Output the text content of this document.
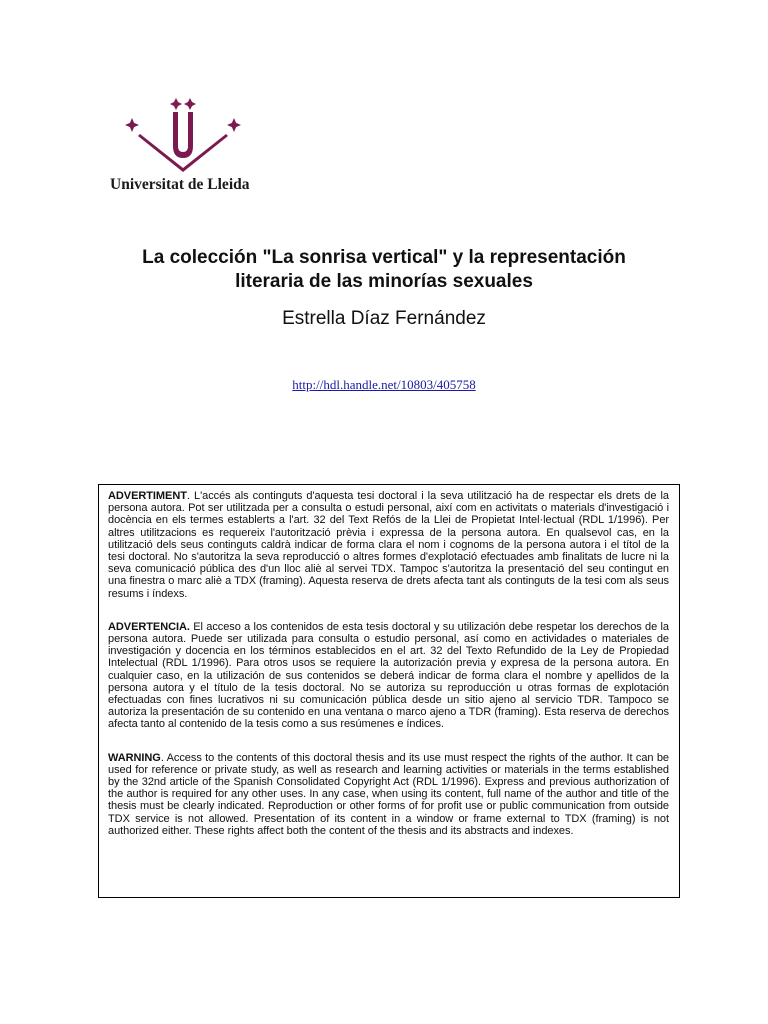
Universitat de Lleida
La colección "La sonrisa vertical" y la representación
literaria de las minorías sexuales
Estrella Díaz Fernández
http://hdl.handle.net/10803/405758

ADVERTIMENT. L'accés als continguts d'aquesta tesi doctoral i la seva utilització ha de respectar els drets de la persona autora. Pot ser utilitzada per a consulta o estudi personal, així com en activitats o materials d'investigació i docència en els termes establerts a l'art. 32 del Text Refós de la Llei de Propietat Intel·lectual (RDL 1/1996). Per altres utilitzacions es requereix l'autorització prèvia i expressa de la persona autora. En qualsevol cas, en la utilització dels seus continguts caldrà indicar de forma clara el nom i cognoms de la persona autora i el títol de la tesi doctoral. No s'autoritza la seva reproducció o altres formes d'explotació efectuades amb finalitats de lucre ni la seva comunicació pública des d'un lloc aliè al servei TDX. Tampoc s'autoritza la presentació del seu contingut en una finestra o marc aliè a TDX (framing). Aquesta reserva de drets afecta tant als continguts de la tesi com als seus resums i índexs.

ADVERTENCIA. El acceso a los contenidos de esta tesis doctoral y su utilización debe respetar los derechos de la persona autora. Puede ser utilizada para consulta o estudio personal, así como en actividades o materiales de investigación y docencia en los términos establecidos en el art. 32 del Texto Refundido de la Ley de Propiedad Intelectual (RDL 1/1996). Para otros usos se requiere la autorización previa y expresa de la persona autora. En cualquier caso, en la utilización de sus contenidos se deberá indicar de forma clara el nombre y apellidos de la persona autora y el título de la tesis doctoral. No se autoriza su reproducción u otras formas de explotación efectuadas con fines lucrativos ni su comunicación pública desde un sitio ajeno al servicio TDR. Tampoco se autoriza la presentación de su contenido en una ventana o marco ajeno a TDR (framing). Esta reserva de derechos afecta tanto al contenido de la tesis como a sus resúmenes e índices.

WARNING. Access to the contents of this doctoral thesis and its use must respect the rights of the author. It can be used for reference or private study, as well as research and learning activities or materials in the terms established by the 32nd article of the Spanish Consolidated Copyright Act (RDL 1/1996). Express and previous authorization of the author is required for any other uses. In any case, when using its content, full name of the author and title of the thesis must be clearly indicated. Reproduction or other forms of for profit use or public communication from outside TDX service is not allowed. Presentation of its content in a window or frame external to TDX (framing) is not authorized either. These rights affect both the content of the thesis and its abstracts and indexes.
